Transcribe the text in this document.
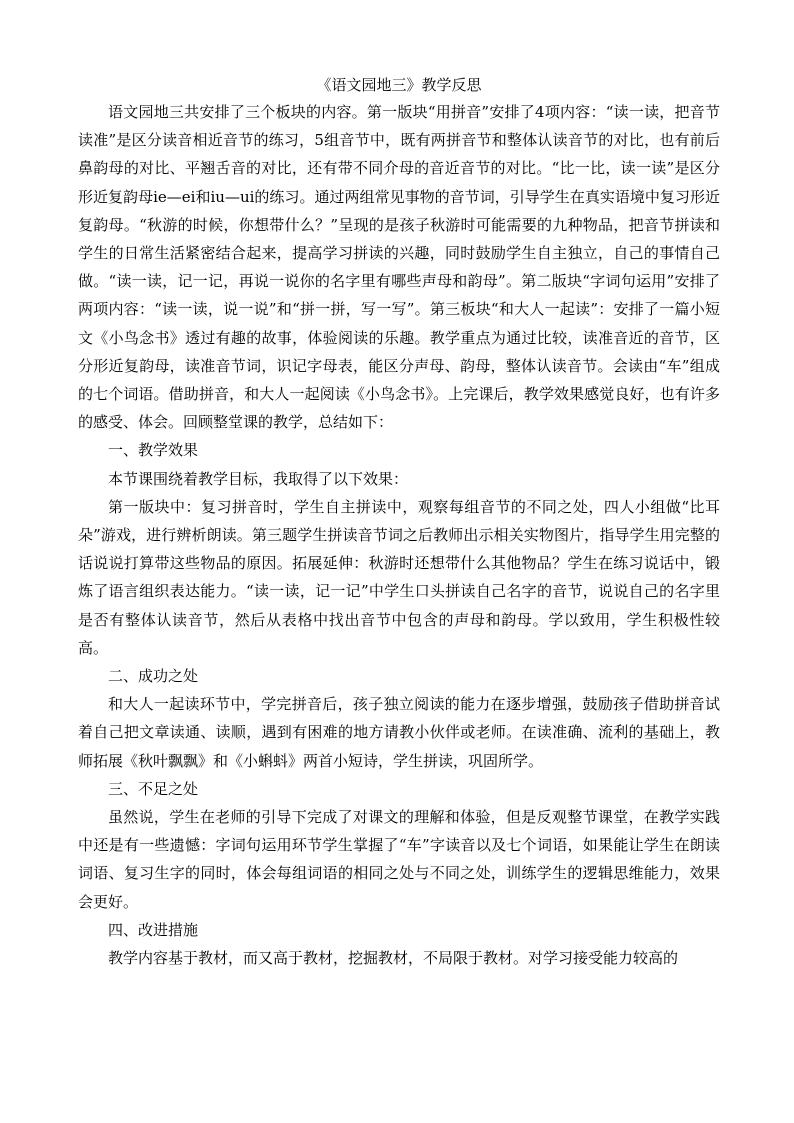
《语文园地三》教学反思

语文园地三共安排了三个板块的内容。第一版块“用拼音”安排了4项内容：“读一读，把音节读准”是区分读音相近音节的练习，5组音节中，既有两拼音节和整体认读音节的对比，也有前后鼻韵母的对比、平翘舌音的对比，还有带不同介母的音近音节的对比。“比一比，读一读”是区分形近复韵母ie—ei和iu—ui的练习。通过两组常见事物的音节词，引导学生在真实语境中复习形近复韵母。“秋游的时候，你想带什么？”呈现的是孩子秋游时可能需要的九种物品，把音节拼读和学生的日常生活紧密结合起来，提高学习拼读的兴趣，同时鼓励学生自主独立，自己的事情自己做。“读一读，记一记，再说一说你的名字里有哪些声母和韵母”。第二版块“字词句运用”安排了两项内容：“读一读，说一说”和“拼一拼，写一写”。第三板块“和大人一起读”：安排了一篇小短文《小鸟念书》透过有趣的故事，体验阅读的乐趣。教学重点为通过比较，读准音近的音节，区分形近复韵母，读准音节词，识记字母表，能区分声母、韵母，整体认读音节。会读由“车”组成的七个词语。借助拼音，和大人一起阅读《小鸟念书》。上完课后，教学效果感觉良好，也有许多的感受、体会。回顾整堂课的教学，总结如下：

一、教学效果

本节课围绕着教学目标，我取得了以下效果：

第一版块中：复习拼音时，学生自主拼读中，观察每组音节的不同之处，四人小组做“比耳朵”游戏，进行辨析朗读。第三题学生拼读音节词之后教师出示相关实物图片，指导学生用完整的话说说打算带这些物品的原因。拓展延伸：秋游时还想带什么其他物品？学生在练习说话中，锻炼了语言组织表达能力。“读一读，记一记”中学生口头拼读自己名字的音节，说说自己的名字里是否有整体认读音节，然后从表格中找出音节中包含的声母和韵母。学以致用，学生积极性较高。

二、成功之处

和大人一起读环节中，学完拼音后，孩子独立阅读的能力在逐步增强，鼓励孩子借助拼音试着自己把文章读通、读顺，遇到有困难的地方请教小伙伴或老师。在读准确、流利的基础上，教师拓展《秋叶飘飘》和《小蝌蚪》两首小短诗，学生拼读，巩固所学。

三、不足之处

虽然说，学生在老师的引导下完成了对课文的理解和体验，但是反观整节课堂，在教学实践中还是有一些遗憾：字词句运用环节学生掌握了“车”字读音以及七个词语，如果能让学生在朗读词语、复习生字的同时，体会每组词语的相同之处与不同之处，训练学生的逻辑思维能力，效果会更好。

四、改进措施

教学内容基于教材，而又高于教材，挖掘教材，不局限于教材。对学习接受能力较高的
